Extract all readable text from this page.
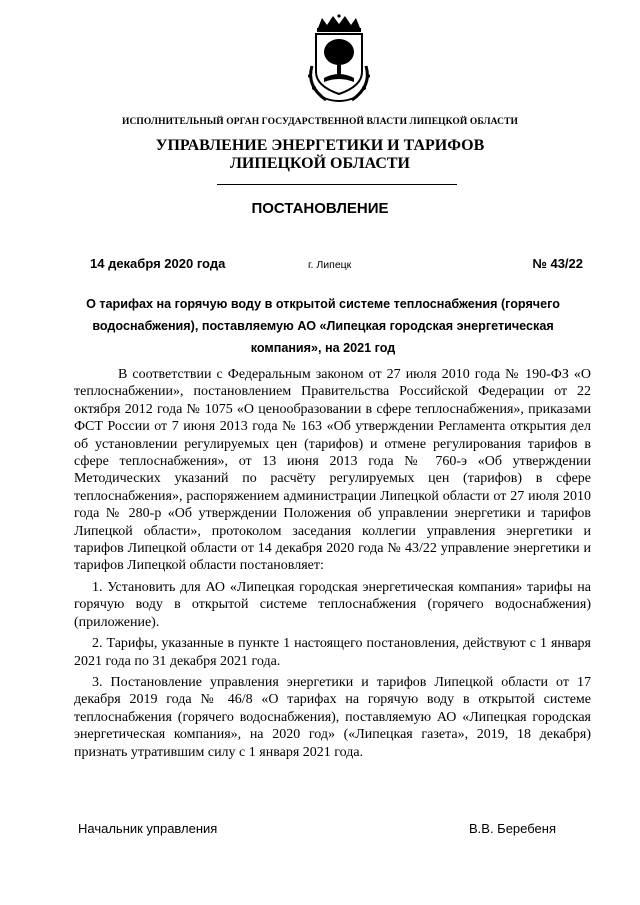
ИСПОЛНИТЕЛЬНЫЙ ОРГАН ГОСУДАРСТВЕННОЙ ВЛАСТИ ЛИПЕЦКОЙ ОБЛАСТИ
УПРАВЛЕНИЕ ЭНЕРГЕТИКИ И ТАРИФОВ
ЛИПЕЦКОЙ ОБЛАСТИ
ПОСТАНОВЛЕНИЕ
14 декабря 2020 года	г. Липецк	№ 43/22
О тарифах на горячую воду в открытой системе теплоснабжения (горячего водоснабжения), поставляемую АО «Липецкая городская энергетическая компания», на 2021 год

В соответствии с Федеральным законом от 27 июля 2010 года № 190-ФЗ «О теплоснабжении», постановлением Правительства Российской Федерации от 22 октября 2012 года № 1075 «О ценообразовании в сфере теплоснабжения», приказами ФСТ России от 7 июня 2013 года № 163 «Об утверждении Регламента открытия дел об установлении регулируемых цен (тарифов) и отмене регулирования тарифов в сфере теплоснабжения», от 13 июня 2013 года № 760-э «Об утверждении Методических указаний по расчёту регулируемых цен (тарифов) в сфере теплоснабжения», распоряжением администрации Липецкой области от 27 июля 2010 года № 280-р «Об утверждении Положения об управлении энергетики и тарифов Липецкой области», протоколом заседания коллегии управления энергетики и тарифов Липецкой области от 14 декабря 2020 года № 43/22 управление энергетики и тарифов Липецкой области постановляет:

1. Установить для АО «Липецкая городская энергетическая компания» тарифы на горячую воду в открытой системе теплоснабжения (горячего водоснабжения) (приложение).

2. Тарифы, указанные в пункте 1 настоящего постановления, действуют с 1 января 2021 года по 31 декабря 2021 года.

3. Постановление управления энергетики и тарифов Липецкой области от 17 декабря 2019 года № 46/8 «О тарифах на горячую воду в открытой системе теплоснабжения (горячего водоснабжения), поставляемую АО «Липецкая городская энергетическая компания», на 2020 год» («Липецкая газета», 2019, 18 декабря) признать утратившим силу с 1 января 2021 года.

Начальник управления	В.В. Беребеня
